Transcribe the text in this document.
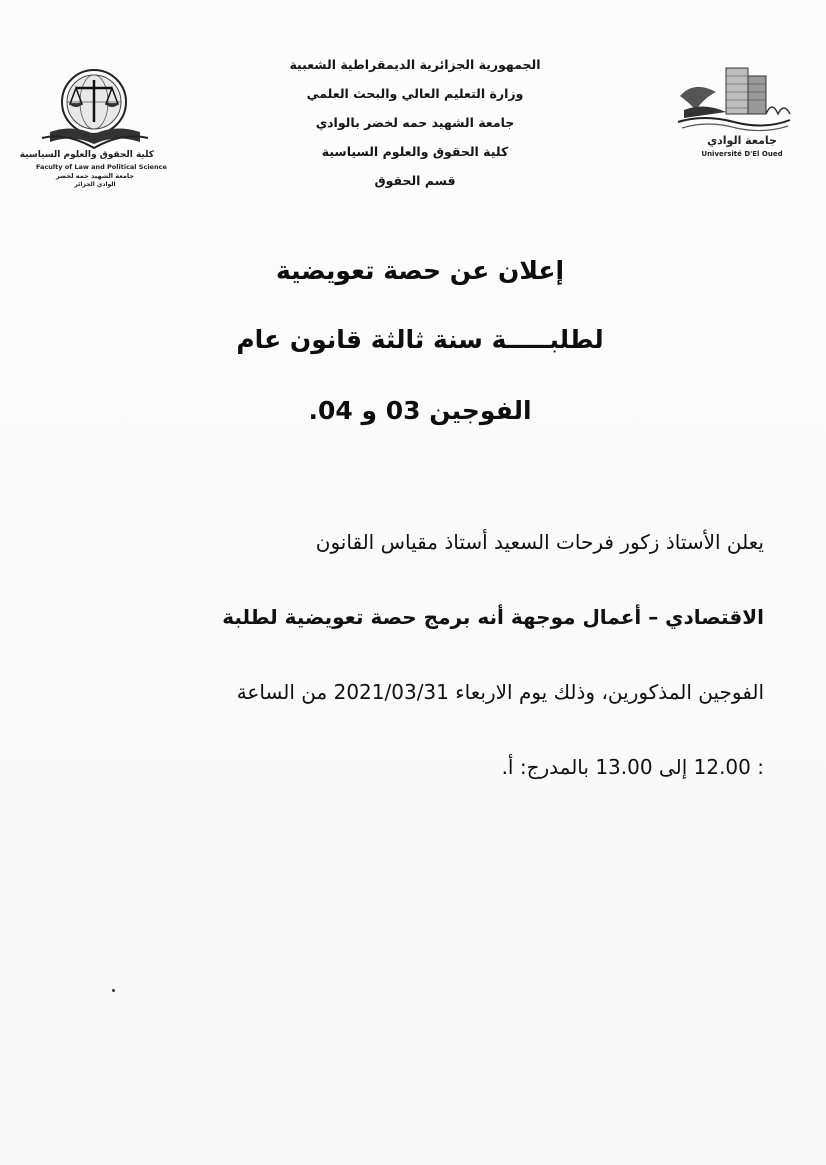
كلية الحقوق والعلوم السياسية
Faculty of Law and Political Science
جامعة الشهيد حمه لخضر
الوادي الجزائر
جامعة الوادي
Université D'El Oued
الجمهورية الجزائرية الديمقراطية الشعبية
وزارة التعليم العالي والبحث العلمي
جامعة الشهيد حمه لخضر بالوادي
كلية الحقوق والعلوم السياسية
قسم الحقوق
إعلان عن حصة تعويضية
لطلبـــــة سنة ثالثة قانون عام
الفوجين 03 و 04.
يعلن الأستاذ زكور فرحات السعيد أستاذ مقياس القانون
الاقتصادي – أعمال موجهة أنه برمج حصة تعويضية لطلبة
الفوجين المذكورين، وذلك يوم الاربعاء 2021/03/31 من الساعة
: 12.00 إلى 13.00 بالمدرج: أ.
